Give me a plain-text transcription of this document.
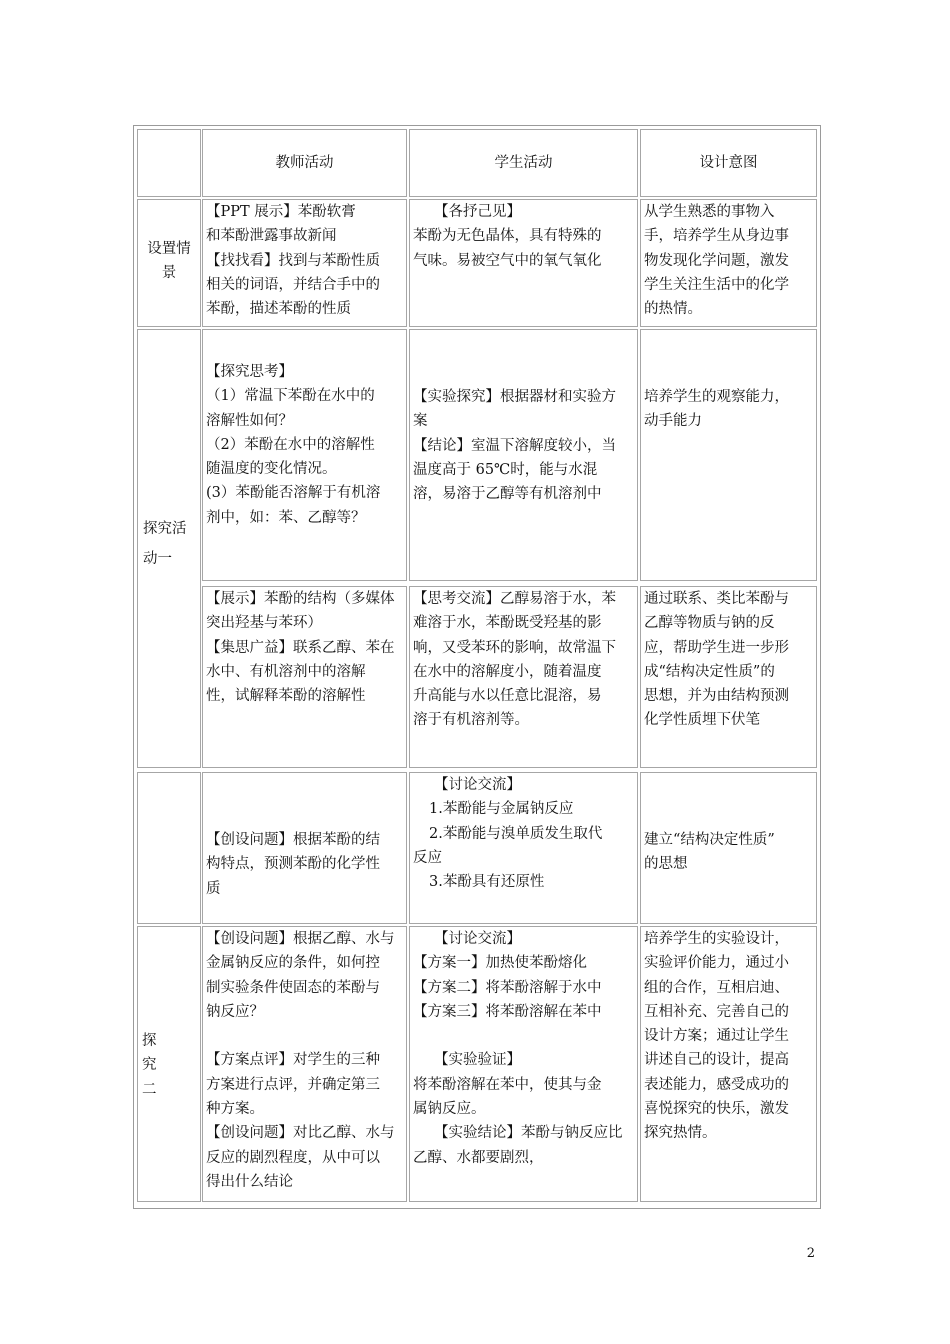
教师活动	学生活动	设计意图
设置情
景
【PPT 展示】苯酚软膏
和苯酚泄露事故新闻
【找找看】找到与苯酚性质
相关的词语，并结合手中的
苯酚，描述苯酚的性质
【各抒己见】
苯酚为无色晶体，具有特殊的
气味。易被空气中的氧气氧化
从学生熟悉的事物入
手，培养学生从身边事
物发现化学问题，激发
学生关注生活中的化学
的热情。
探究活
动一
【探究思考】
（1）常温下苯酚在水中的
溶解性如何？
（2）苯酚在水中的溶解性
随温度的变化情况。
(3）苯酚能否溶解于有机溶
剂中，如：苯、乙醇等？
【实验探究】根据器材和实验方
案
【结论】室温下溶解度较小，当
温度高于 65℃时，能与水混
溶，易溶于乙醇等有机溶剂中
培养学生的观察能力，
动手能力
【展示】苯酚的结构（多媒体
突出羟基与苯环）
【集思广益】联系乙醇、苯在
水中、有机溶剂中的溶解
性，试解释苯酚的溶解性
【思考交流】乙醇易溶于水，苯
难溶于水，苯酚既受羟基的影
响，又受苯环的影响，故常温下
在水中的溶解度小，随着温度
升高能与水以任意比混溶，易
溶于有机溶剂等。
通过联系、类比苯酚与
乙醇等物质与钠的反
应，帮助学生进一步形
成“结构决定性质”的
思想，并为由结构预测
化学性质埋下伏笔
【创设问题】根据苯酚的结
构特点，预测苯酚的化学性
质
【讨论交流】
1.苯酚能与金属钠反应
2.苯酚能与溴单质发生取代
反应
3.苯酚具有还原性
建立“结构决定性质”
的思想
探
究
二
【创设问题】根据乙醇、水与
金属钠反应的条件，如何控
制实验条件使固态的苯酚与
钠反应？
【方案点评】对学生的三种
方案进行点评，并确定第三
种方案。
【创设问题】对比乙醇、水与
反应的剧烈程度，从中可以
得出什么结论
【讨论交流】
【方案一】加热使苯酚熔化
【方案二】将苯酚溶解于水中
【方案三】将苯酚溶解在苯中
【实验验证】
将苯酚溶解在苯中，使其与金
属钠反应。
【实验结论】苯酚与钠反应比
乙醇、水都要剧烈，
培养学生的实验设计，
实验评价能力，通过小
组的合作，互相启迪、
互相补充、完善自己的
设计方案；通过让学生
讲述自己的设计，提高
表述能力，感受成功的
喜悦探究的快乐，激发
探究热情。
2
